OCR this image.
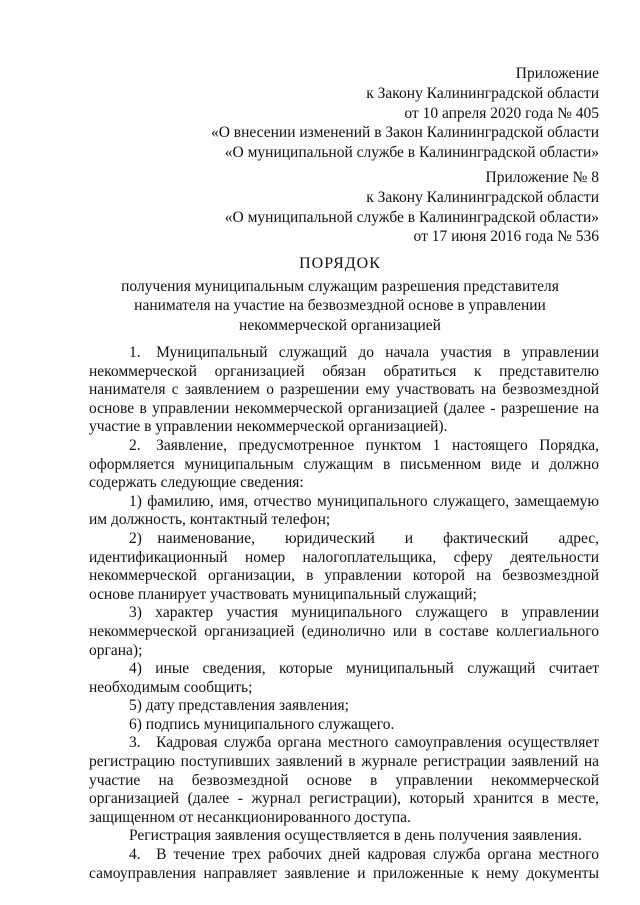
Приложение
к Закону Калининградской области
от 10 апреля 2020 года № 405
«О внесении изменений в Закон Калининградской области
«О муниципальной службе в Калининградской области»
Приложение № 8
к Закону Калининградской области
«О муниципальной службе в Калининградской области»
от 17 июня 2016 года № 536
ПОРЯДОК
получения муниципальным служащим разрешения представителя
нанимателя на участие на безвозмездной основе в управлении
некоммерческой организацией

1. Муниципальный служащий до начала участия в управлении некоммерческой организацией обязан обратиться к представителю нанимателя с заявлением о разрешении ему участвовать на безвозмездной основе в управлении некоммерческой организацией (далее - разрешение на участие в управлении некоммерческой организацией).

2. Заявление, предусмотренное пунктом 1 настоящего Порядка, оформляется муниципальным служащим в письменном виде и должно содержать следующие сведения:

1) фамилию, имя, отчество муниципального служащего, замещаемую им должность, контактный телефон;

2) наименование, юридический и фактический адрес, идентификационный номер налогоплательщика, сферу деятельности некоммерческой организации, в управлении которой на безвозмездной основе планирует участвовать муниципальный служащий;

3) характер участия муниципального служащего в управлении некоммерческой организацией (единолично или в составе коллегиального органа);

4) иные сведения, которые муниципальный служащий считает необходимым сообщить;

5) дату представления заявления;

6) подпись муниципального служащего.

3. Кадровая служба органа местного самоуправления осуществляет регистрацию поступивших заявлений в журнале регистрации заявлений на участие на безвозмездной основе в управлении некоммерческой организацией (далее - журнал регистрации), который хранится в месте, защищенном от несанкционированного доступа.

Регистрация заявления осуществляется в день получения заявления.

4. В течение трех рабочих дней кадровая служба органа местного самоуправления направляет заявление и приложенные к нему документы
